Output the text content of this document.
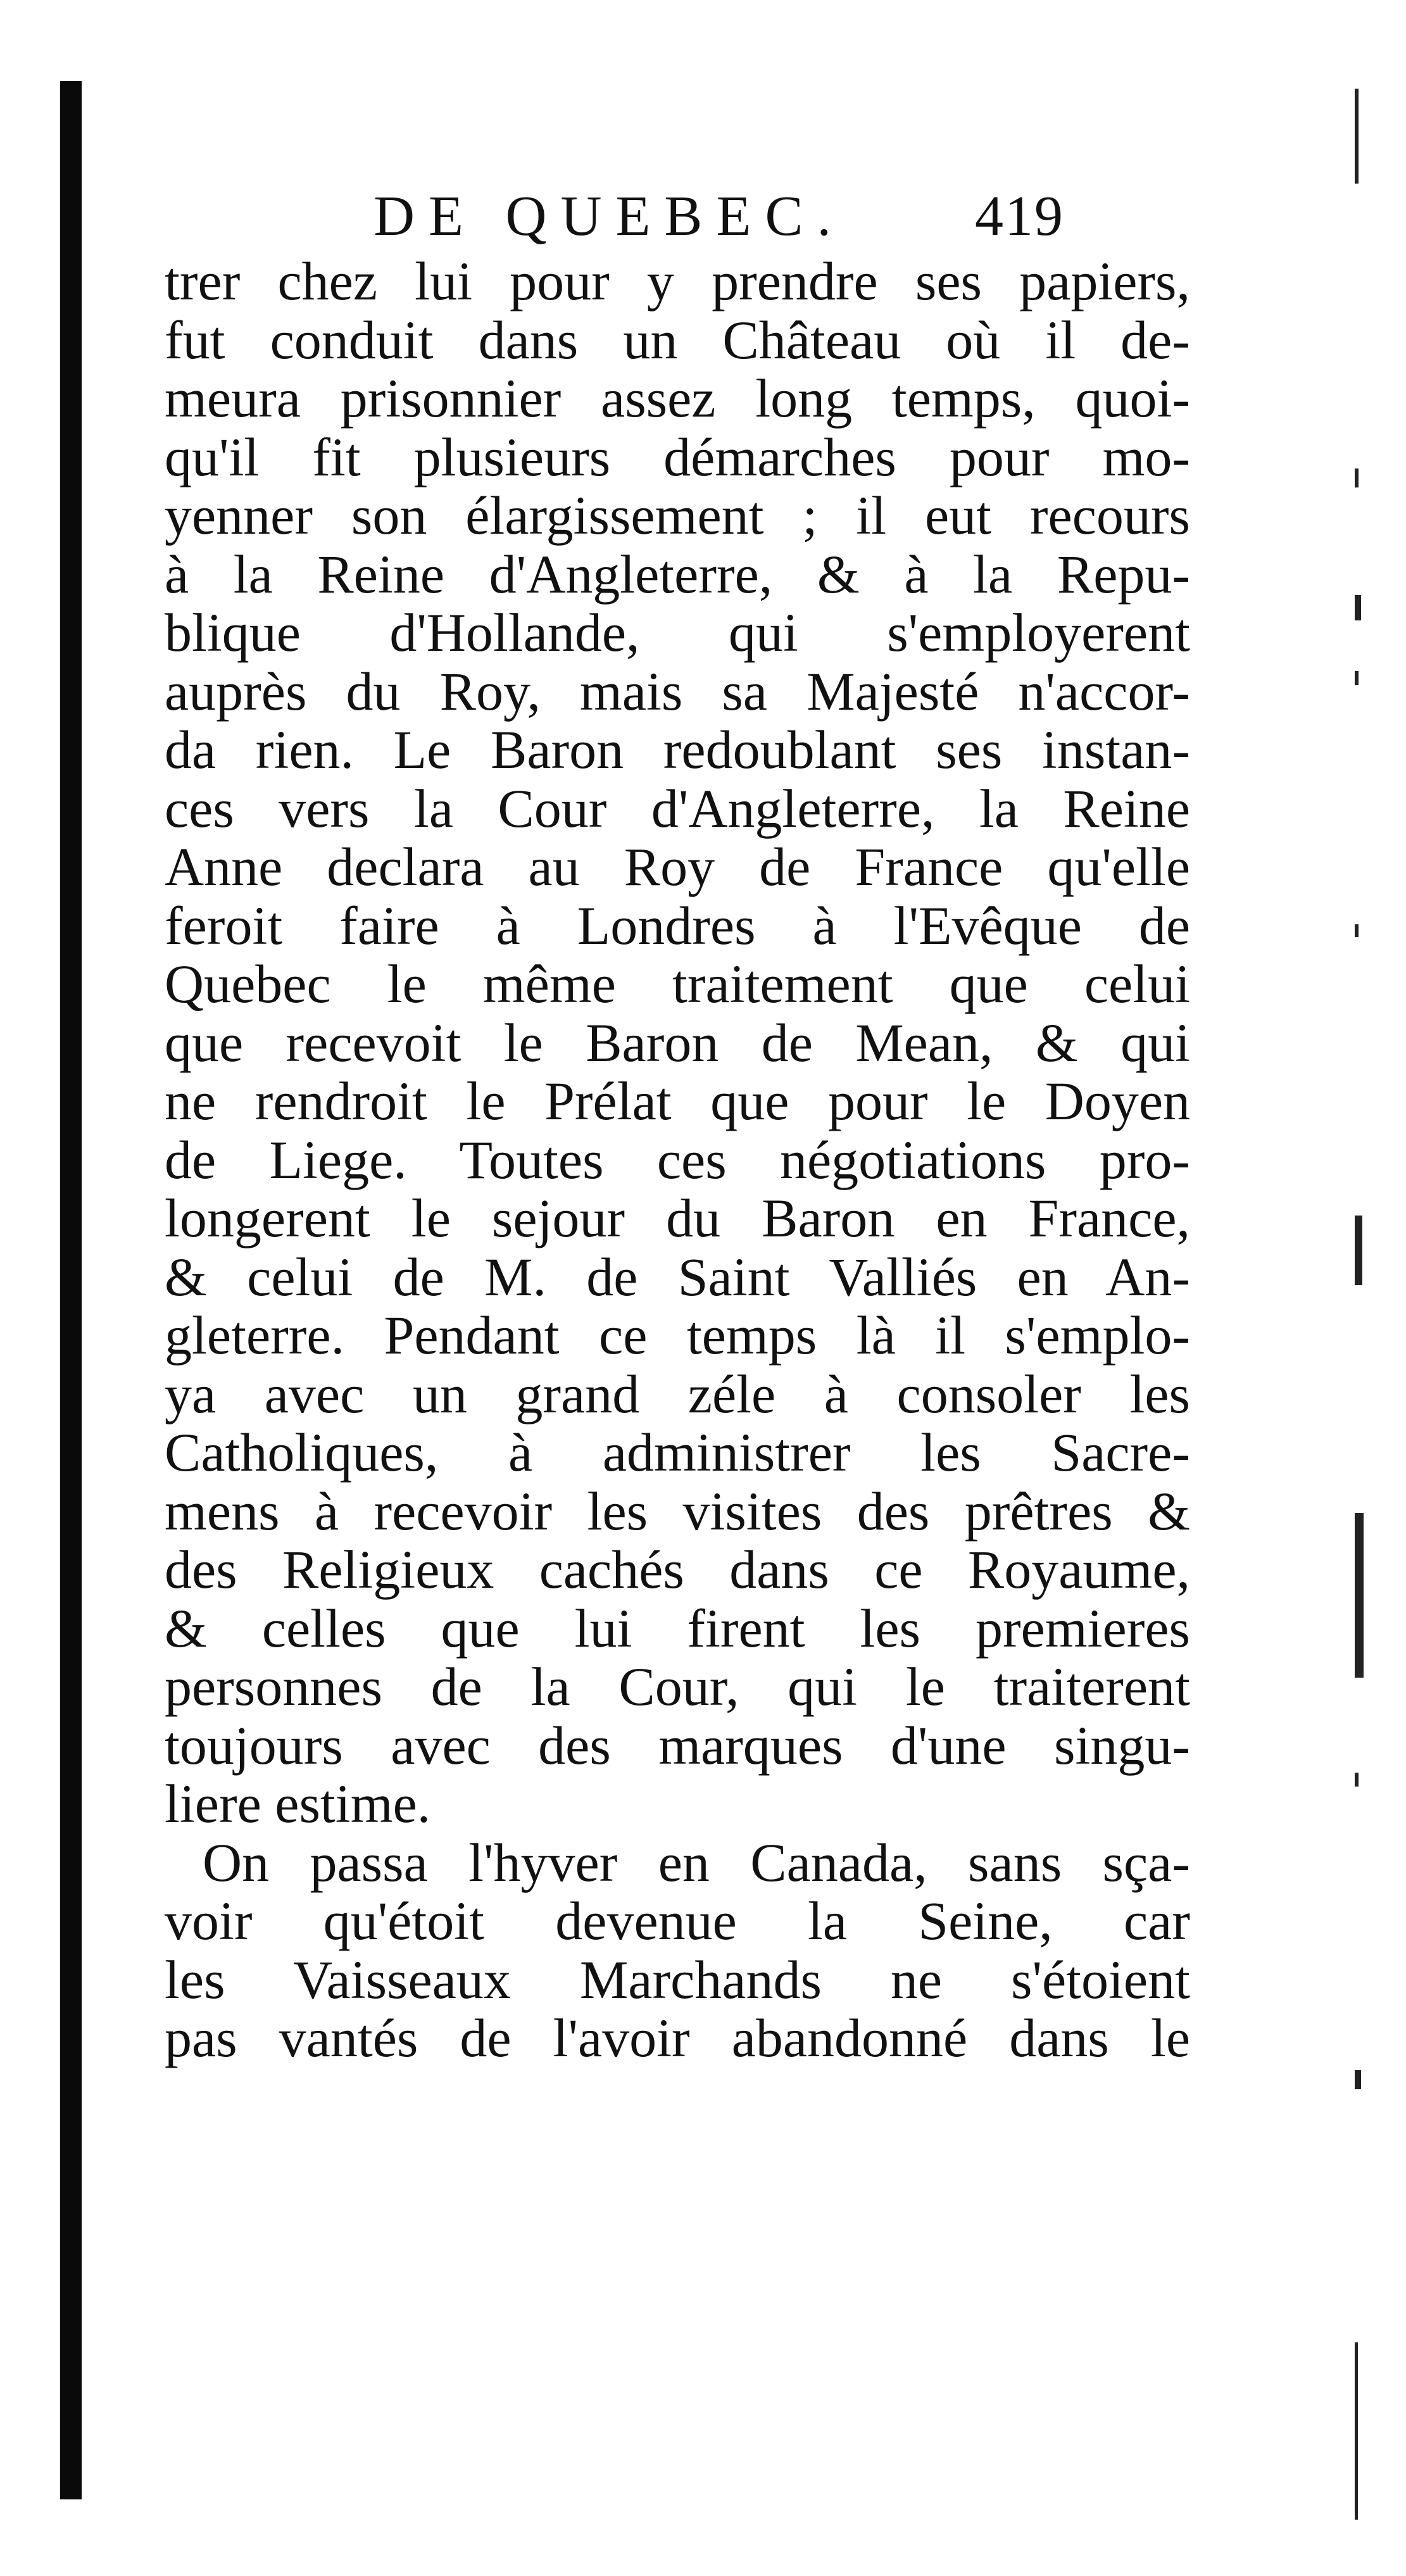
DE QUEBEC. 419
trer chez lui pour y prendre ses papiers,
fut conduit dans un Château où il de-
meura prisonnier assez long temps, quoi-
qu'il fit plusieurs démarches pour mo-
yenner son élargissement ; il eut recours
à la Reine d'Angleterre, & à la Repu-
blique d'Hollande, qui s'employerent
auprès du Roy, mais sa Majesté n'accor-
da rien. Le Baron redoublant ses instan-
ces vers la Cour d'Angleterre, la Reine
Anne declara au Roy de France qu'elle
feroit faire à Londres à l'Evêque de
Quebec le même traitement que celui
que recevoit le Baron de Mean, & qui
ne rendroit le Prélat que pour le Doyen
de Liege. Toutes ces négotiations pro-
longerent le sejour du Baron en France,
& celui de M. de Saint Valliés en An-
gleterre. Pendant ce temps là il s'emplo-
ya avec un grand zéle à consoler les
Catholiques, à administrer les Sacre-
mens à recevoir les visites des prêtres &
des Religieux cachés dans ce Royaume,
& celles que lui firent les premieres
personnes de la Cour, qui le traiterent
toujours avec des marques d'une singu-
liere estime.
On passa l'hyver en Canada, sans sça-
voir qu'étoit devenue la Seine, car
les Vaisseaux Marchands ne s'étoient
pas vantés de l'avoir abandonné dans le
